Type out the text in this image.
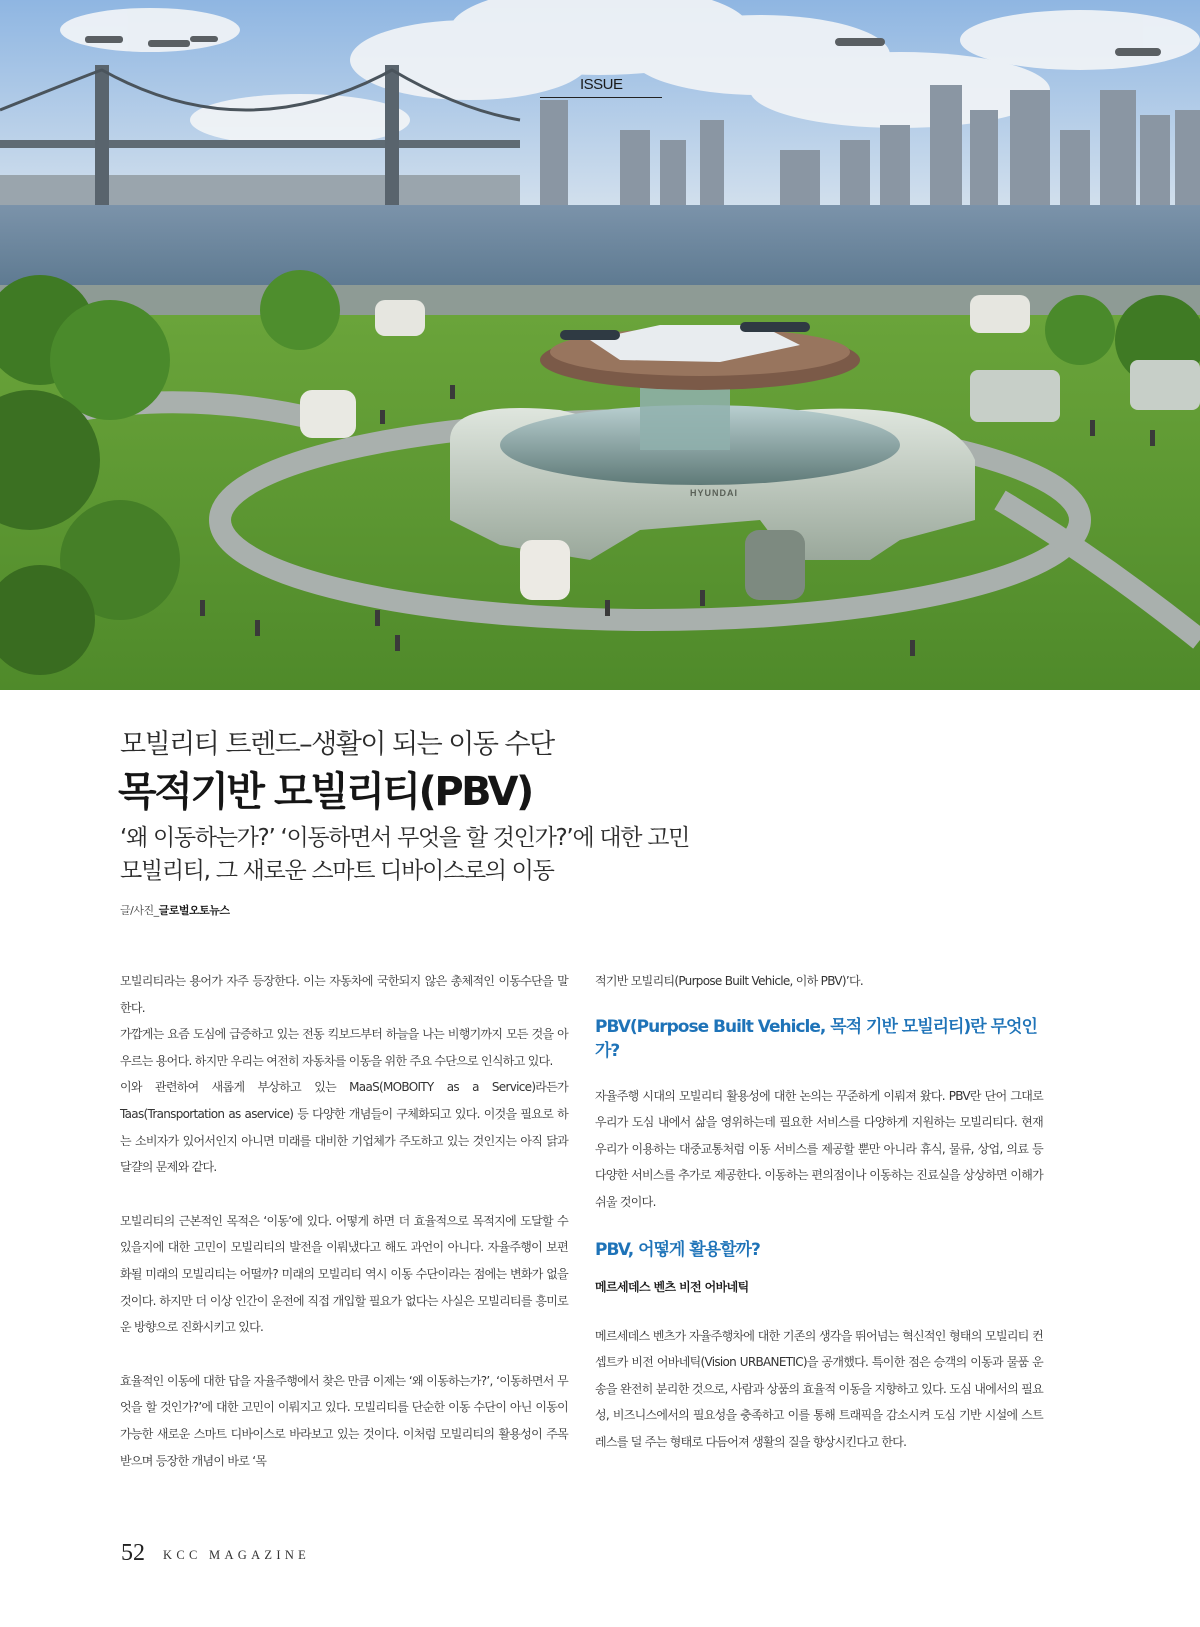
HYUNDAI
ISSUE
모빌리티 트렌드–생활이 되는 이동 수단
목적기반 모빌리티(PBV)
‘왜 이동하는가?’ ‘이동하면서 무엇을 할 것인가?’에 대한 고민
모빌리티, 그 새로운 스마트 디바이스로의 이동
글/사진_글로벌오토뉴스

모빌리티라는 용어가 자주 등장한다. 이는 자동차에 국한되지 않은 총체적인 이동수단을 말한다.

가깝게는 요즘 도심에 급증하고 있는 전동 킥보드부터 하늘을 나는 비행기까지 모든 것을 아우르는 용어다. 하지만 우리는 여전히 자동차를 이동을 위한 주요 수단으로 인식하고 있다.

이와 관련하여 새롭게 부상하고 있는 MaaS(MOBOITY as a Service)라든가 Taas(Transportation as aservice) 등 다양한 개념들이 구체화되고 있다. 이것을 필요로 하는 소비자가 있어서인지 아니면 미래를 대비한 기업체가 주도하고 있는 것인지는 아직 닭과 달걀의 문제와 같다.

모빌리티의 근본적인 목적은 ‘이동’에 있다. 어떻게 하면 더 효율적으로 목적지에 도달할 수 있을지에 대한 고민이 모빌리티의 발전을 이뤄냈다고 해도 과언이 아니다. 자율주행이 보편화될 미래의 모빌리티는 어떨까? 미래의 모빌리티 역시 이동 수단이라는 점에는 변화가 없을 것이다. 하지만 더 이상 인간이 운전에 직접 개입할 필요가 없다는 사실은 모빌리티를 흥미로운 방향으로 진화시키고 있다.

효율적인 이동에 대한 답을 자율주행에서 찾은 만큼 이제는 ‘왜 이동하는가?’, ‘이동하면서 무엇을 할 것인가?’에 대한 고민이 이뤄지고 있다. 모빌리티를 단순한 이동 수단이 아닌 이동이 가능한 새로운 스마트 디바이스로 바라보고 있는 것이다. 이처럼 모빌리티의 활용성이 주목 받으며 등장한 개념이 바로 ‘목

적기반 모빌리티(Purpose Built Vehicle, 이하 PBV)’다.

PBV(Purpose Built Vehicle, 목적 기반 모빌리티)란 무엇인가?

자율주행 시대의 모빌리티 활용성에 대한 논의는 꾸준하게 이뤄져 왔다. PBV란 단어 그대로 우리가 도심 내에서 삶을 영위하는데 필요한 서비스를 다양하게 지원하는 모빌리티다. 현재 우리가 이용하는 대중교통처럼 이동 서비스를 제공할 뿐만 아니라 휴식, 물류, 상업, 의료 등 다양한 서비스를 추가로 제공한다. 이동하는 편의점이나 이동하는 진료실을 상상하면 이해가 쉬울 것이다.

PBV, 어떻게 활용할까?
메르세데스 벤츠 비전 어바네틱

메르세데스 벤츠가 자율주행차에 대한 기존의 생각을 뛰어넘는 혁신적인 형태의 모빌리티 컨셉트카 비전 어바네틱(Vision URBANETIC)을 공개했다. 특이한 점은 승객의 이동과 물품 운송을 완전히 분리한 것으로, 사람과 상품의 효율적 이동을 지향하고 있다. 도심 내에서의 필요성, 비즈니스에서의 필요성을 충족하고 이를 통해 트래픽을 감소시켜 도심 기반 시설에 스트레스를 덜 주는 형태로 다듬어져 생활의 질을 향상시킨다고 한다.

52 KCC MAGAZINE
